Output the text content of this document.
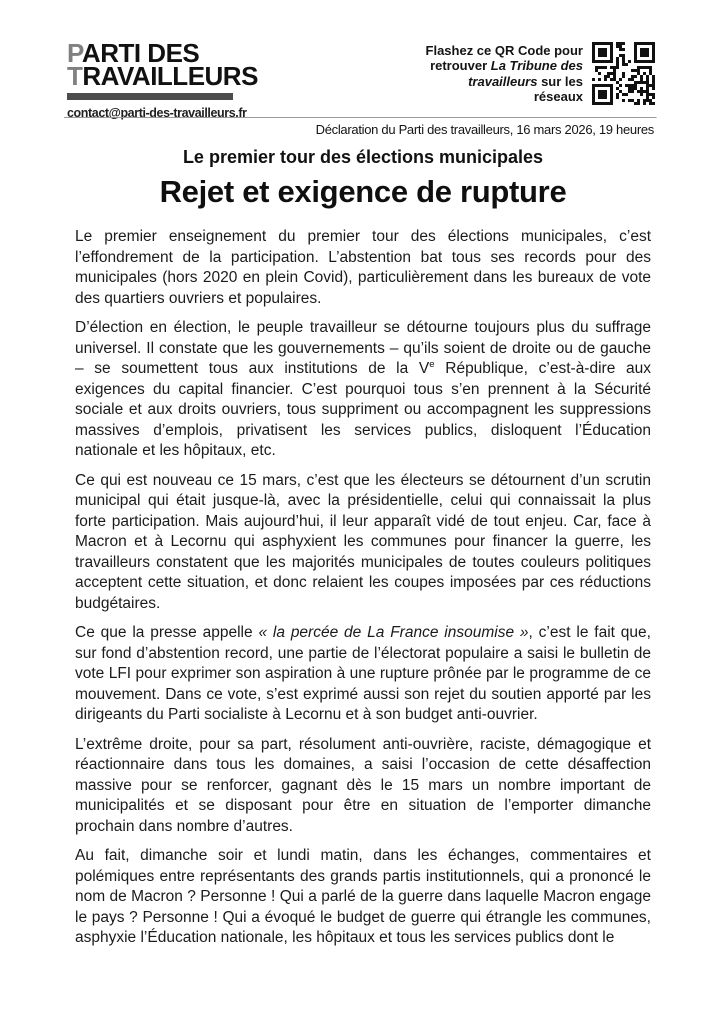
PARTI DES
TRAVAILLEURS
contact@parti-des-travailleurs.fr
Flashez ce QR Code pour retrouver La Tribune des travailleurs sur les réseaux
Déclaration du Parti des travailleurs, 16 mars 2026, 19 heures
Le premier tour des élections municipales
Rejet et exigence de rupture

Le premier enseignement du premier tour des élections municipales, c’est l’effondrement de la participation. L’abstention bat tous ses records pour des municipales (hors 2020 en plein Covid), particulièrement dans les bureaux de vote des quartiers ouvriers et populaires.

D’élection en élection, le peuple travailleur se détourne toujours plus du suffrage universel. Il constate que les gouvernements – qu’ils soient de droite ou de gauche – se soumettent tous aux institutions de la Ve République, c’est-à-dire aux exigences du capital financier. C’est pourquoi tous s’en prennent à la Sécurité sociale et aux droits ouvriers, tous suppriment ou accompagnent les suppressions massives d’emplois, privatisent les services publics, disloquent l’Éducation nationale et les hôpitaux, etc.

Ce qui est nouveau ce 15 mars, c’est que les électeurs se détournent d’un scrutin municipal qui était jusque-là, avec la présidentielle, celui qui connaissait la plus forte participation. Mais aujourd’hui, il leur apparaît vidé de tout enjeu. Car, face à Macron et à Lecornu qui asphyxient les communes pour financer la guerre, les travailleurs constatent que les majorités municipales de toutes couleurs politiques acceptent cette situation, et donc relaient les coupes imposées par ces réductions budgétaires.

Ce que la presse appelle « la percée de La France insoumise », c’est le fait que, sur fond d’abstention record, une partie de l’électorat populaire a saisi le bulletin de vote LFI pour exprimer son aspiration à une rupture prônée par le programme de ce mouvement. Dans ce vote, s’est exprimé aussi son rejet du soutien apporté par les dirigeants du Parti socialiste à Lecornu et à son budget anti-ouvrier.

L’extrême droite, pour sa part, résolument anti-ouvrière, raciste, démagogique et réactionnaire dans tous les domaines, a saisi l’occasion de cette désaffection massive pour se renforcer, gagnant dès le 15 mars un nombre important de municipalités et se disposant pour être en situation de l’emporter dimanche prochain dans nombre d’autres.

Au fait, dimanche soir et lundi matin, dans les échanges, commentaires et polémiques entre représentants des grands partis institutionnels, qui a prononcé le nom de Macron ? Personne ! Qui a parlé de la guerre dans laquelle Macron engage le pays ? Personne ! Qui a évoqué le budget de guerre qui étrangle les communes, asphyxie l’Éducation nationale, les hôpitaux et tous les services publics dont le
